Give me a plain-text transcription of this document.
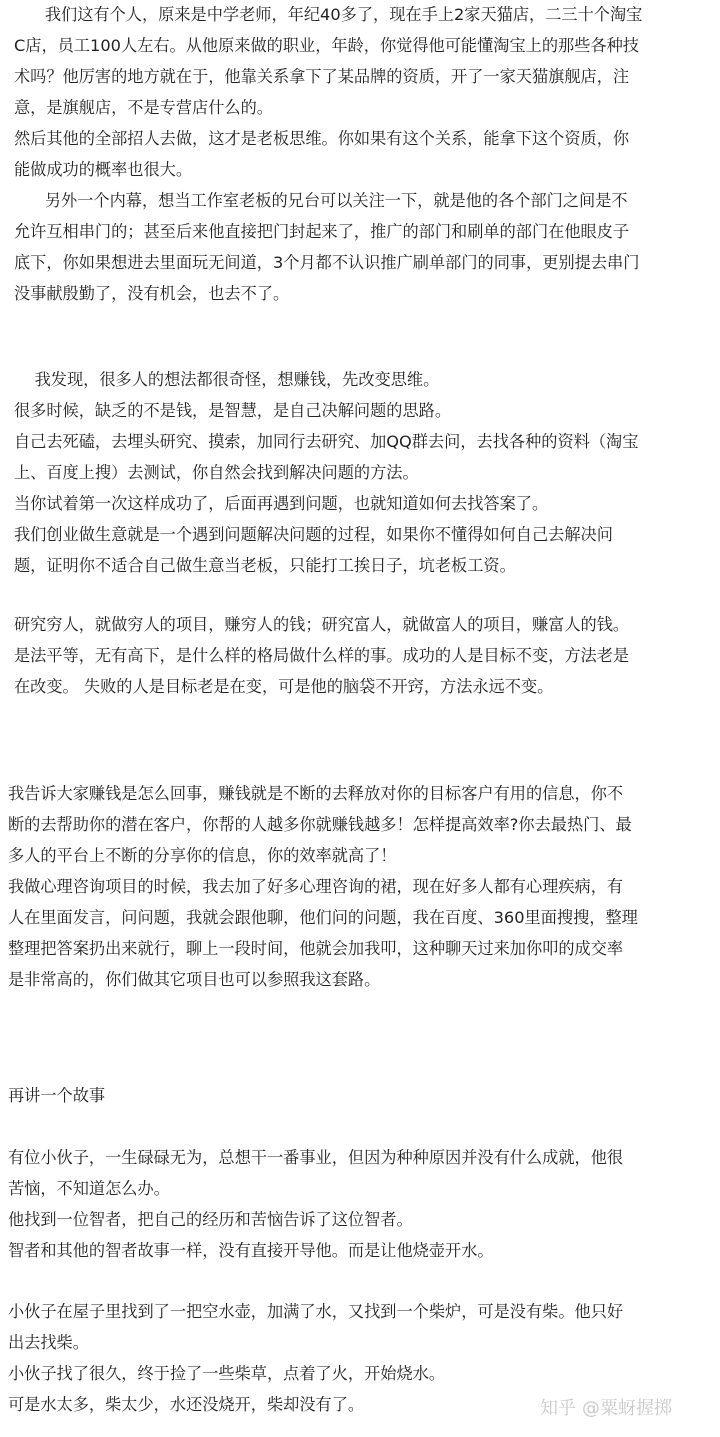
我们这有个人，原来是中学老师，年纪40多了，现在手上2家天猫店，二三十个淘宝
C店，员工100人左右。从他原来做的职业，年龄，你觉得他可能懂淘宝上的那些各种技
术吗？他厉害的地方就在于，他靠关系拿下了某品牌的资质，开了一家天猫旗舰店，注
意，是旗舰店，不是专营店什么的。
然后其他的全部招人去做，这才是老板思维。你如果有这个关系，能拿下这个资质，你
能做成功的概率也很大。
另外一个内幕，想当工作室老板的兄台可以关注一下，就是他的各个部门之间是不
允许互相串门的；甚至后来他直接把门封起来了，推广的部门和刷单的部门在他眼皮子
底下，你如果想进去里面玩无间道，3个月都不认识推广刷单部门的同事，更别提去串门
没事献殷勤了，没有机会，也去不了。
我发现，很多人的想法都很奇怪，想赚钱，先改变思维。
很多时候，缺乏的不是钱，是智慧，是自己决解问题的思路。
自己去死磕，去埋头研究、摸索，加同行去研究、加QQ群去问，去找各种的资料（淘宝
上、百度上搜）去测试，你自然会找到解决问题的方法。
当你试着第一次这样成功了，后面再遇到问题，也就知道如何去找答案了。
我们创业做生意就是一个遇到问题解决问题的过程，如果你不懂得如何自己去解决问
题，证明你不适合自己做生意当老板，只能打工挨日子，坑老板工资。
研究穷人，就做穷人的项目，赚穷人的钱；研究富人，就做富人的项目，赚富人的钱。
是法平等，无有高下，是什么样的格局做什么样的事。成功的人是目标不变，方法老是
在改变。 失败的人是目标老是在变，可是他的脑袋不开窍，方法永远不变。
我告诉大家赚钱是怎么回事，赚钱就是不断的去释放对你的目标客户有用的信息，你不
断的去帮助你的潜在客户，你帮的人越多你就赚钱越多！怎样提高效率?你去最热门、最
多人的平台上不断的分享你的信息，你的效率就高了！
我做心理咨询项目的时候，我去加了好多心理咨询的裙，现在好多人都有心理疾病，有
人在里面发言，问问题，我就会跟他聊，他们问的问题，我在百度、360里面搜搜，整理
整理把答案扔出来就行，聊上一段时间，他就会加我叩，这种聊天过来加你叩的成交率
是非常高的，你们做其它项目也可以参照我这套路。
再讲一个故事
有位小伙子，一生碌碌无为，总想干一番事业，但因为种种原因并没有什么成就，他很
苦恼，不知道怎么办。
他找到一位智者，把自己的经历和苦恼告诉了这位智者。
智者和其他的智者故事一样，没有直接开导他。而是让他烧壶开水。
小伙子在屋子里找到了一把空水壶，加满了水，又找到一个柴炉，可是没有柴。他只好
出去找柴。
小伙子找了很久，终于捡了一些柴草，点着了火，开始烧水。
可是水太多，柴太少，水还没烧开，柴却没有了。	知乎 @粟蚜握掷
